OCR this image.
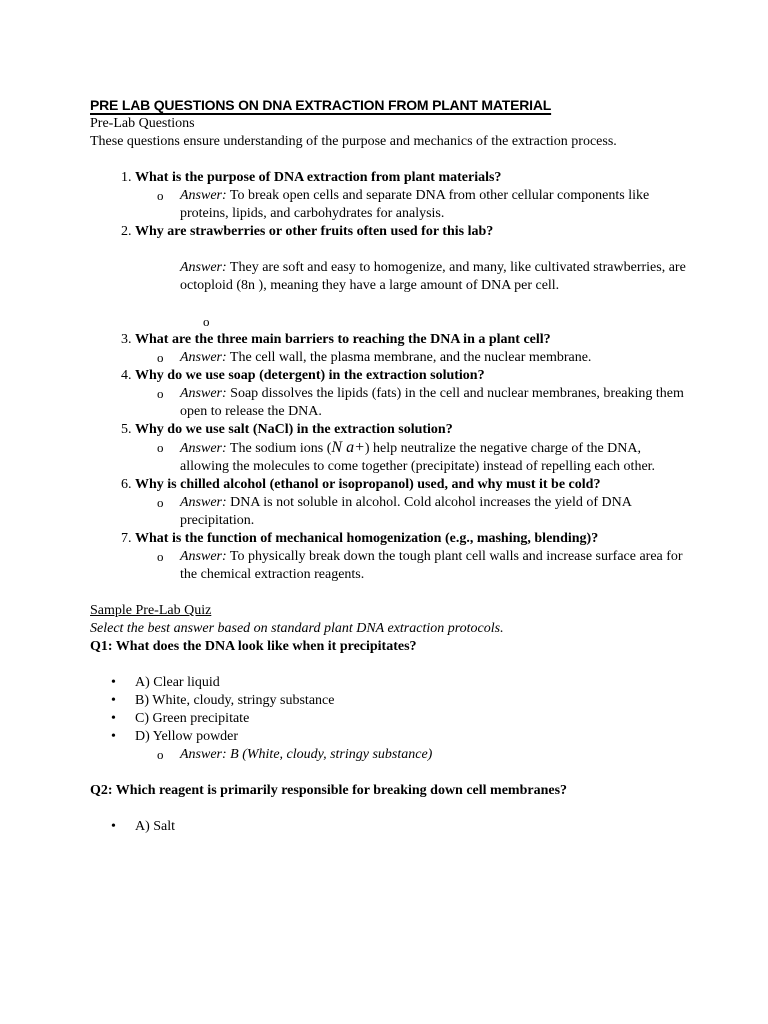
PRE LAB QUESTIONS ON DNA EXTRACTION FROM PLANT MATERIAL

Pre-Lab Questions

These questions ensure understanding of the purpose and mechanics of the extraction process.

1. What is the purpose of DNA extraction from plant materials?
o Answer: To break open cells and separate DNA from other cellular components like proteins, lipids, and carbohydrates for analysis.
2. Why are strawberries or other fruits often used for this lab?
Answer: They are soft and easy to homogenize, and many, like cultivated strawberries, are octoploid (8n ), meaning they have a large amount of DNA per cell.
o
3. What are the three main barriers to reaching the DNA in a plant cell?
o Answer: The cell wall, the plasma membrane, and the nuclear membrane.
4. Why do we use soap (detergent) in the extraction solution?
o Answer: Soap dissolves the lipids (fats) in the cell and nuclear membranes, breaking them open to release the DNA.
5. Why do we use salt (NaCl) in the extraction solution?
o Answer: The sodium ions (N a+) help neutralize the negative charge of the DNA, allowing the molecules to come together (precipitate) instead of repelling each other.
6. Why is chilled alcohol (ethanol or isopropanol) used, and why must it be cold?
o Answer: DNA is not soluble in alcohol. Cold alcohol increases the yield of DNA precipitation.
7. What is the function of mechanical homogenization (e.g., mashing, blending)?
o Answer: To physically break down the tough plant cell walls and increase surface area for the chemical extraction reagents.

Sample Pre-Lab Quiz

Select the best answer based on standard plant DNA extraction protocols.

Q1: What does the DNA look like when it precipitates?

• A) Clear liquid
• B) White, cloudy, stringy substance
• C) Green precipitate
• D) Yellow powder
o Answer: B (White, cloudy, stringy substance)

Q2: Which reagent is primarily responsible for breaking down cell membranes?

• A) Salt
